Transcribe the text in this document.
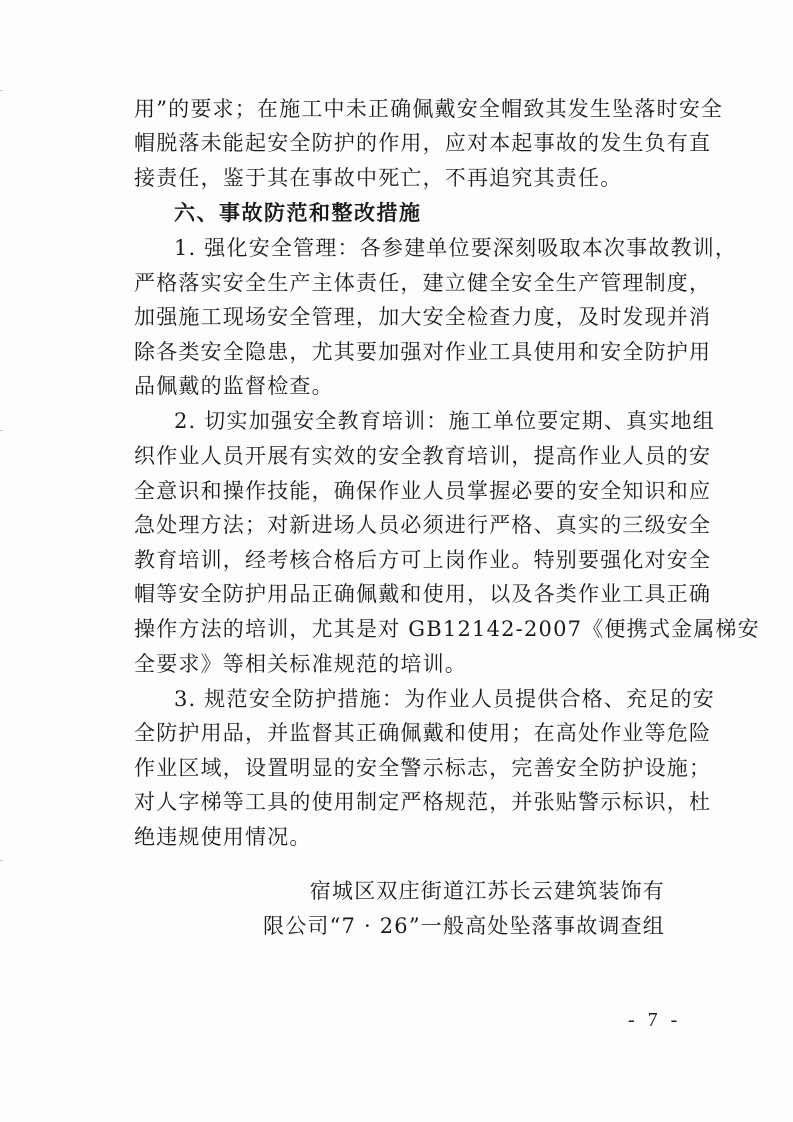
用”的要求；在施工中未正确佩戴安全帽致其发生坠落时安全
帽脱落未能起安全防护的作用，应对本起事故的发生负有直
接责任，鉴于其在事故中死亡，不再追究其责任。
六、事故防范和整改措施
1. 强化安全管理：各参建单位要深刻吸取本次事故教训，
严格落实安全生产主体责任，建立健全安全生产管理制度，
加强施工现场安全管理，加大安全检查力度，及时发现并消
除各类安全隐患，尤其要加强对作业工具使用和安全防护用
品佩戴的监督检查。
2. 切实加强安全教育培训：施工单位要定期、真实地组
织作业人员开展有实效的安全教育培训，提高作业人员的安
全意识和操作技能，确保作业人员掌握必要的安全知识和应
急处理方法；对新进场人员必须进行严格、真实的三级安全
教育培训，经考核合格后方可上岗作业。特别要强化对安全
帽等安全防护用品正确佩戴和使用，以及各类作业工具正确
操作方法的培训，尤其是对 GB12142-2007《便携式金属梯安
全要求》等相关标准规范的培训。
3. 规范安全防护措施：为作业人员提供合格、充足的安
全防护用品，并监督其正确佩戴和使用；在高处作业等危险
作业区域，设置明显的安全警示标志，完善安全防护设施；
对人字梯等工具的使用制定严格规范，并张贴警示标识，杜
绝违规使用情况。
宿城区双庄街道江苏长云建筑装饰有
限公司“7 · 26”一般高处坠落事故调查组
- 7 -
